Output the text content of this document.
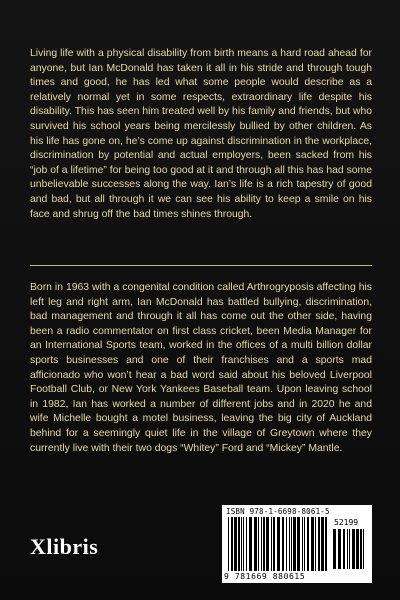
Living life with a physical disability from birth means a hard road ahead for anyone, but Ian McDonald has taken it all in his stride and through tough times and good, he has led what some people would describe as a relatively normal yet in some respects, extraordinary life despite his disability. This has seen him treated well by his family and friends, but who survived his school years being mercilessly bullied by other children. As his life has gone on, he’s come up against discrimination in the workplace, discrimination by potential and actual employers, been sacked from his “job of a lifetime” for being too good at it and through all this has had some unbelievable successes along the way. Ian’s life is a rich tapestry of good and bad, but all through it we can see his ability to keep a smile on his face and shrug off the bad times shines through.

Born in 1963 with a congenital condition called Arthrogryposis affecting his left leg and right arm, Ian McDonald has battled bullying, discrimination, bad management and through it all has come out the other side, having been a radio commentator on first class cricket, been Media Manager for an International Sports team, worked in the offices of a multi billion dollar sports businesses and one of their franchises and a sports mad afficionado who won’t hear a bad word said about his beloved Liverpool Football Club, or New York Yankees Baseball team. Upon leaving school in 1982, Ian has worked a number of different jobs and in 2020 he and wife Michelle bought a motel business, leaving the big city of Auckland behind for a seemingly quiet life in the village of Greytown where they currently live with their two dogs “Whitey” Ford and “Mickey” Mantle.

Xlibris
ISBN 978-1-6698-8061-5
52199
9 781669 880615
